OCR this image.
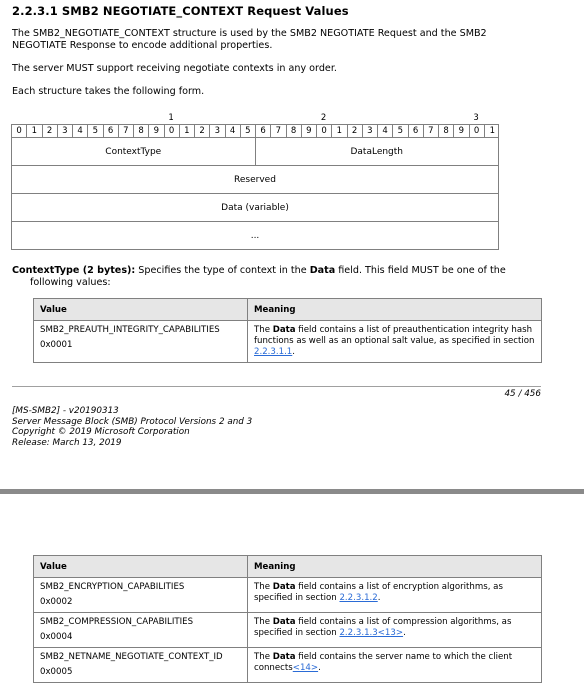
2.2.3.1 SMB2 NEGOTIATE_CONTEXT Request Values
The SMB2_NEGOTIATE_CONTEXT structure is used by the SMB2 NEGOTIATE Request and the SMB2
NEGOTIATE Response to encode additional properties.
The server MUST support receiving negotiate contexts in any order.
Each structure takes the following form.
1	2	3
0	1	2	3	4	5	6	7	8	9	0	1	2	3	4	5	6	7	8	9	0	1	2	3	4	5	6	7	8	9	0	1
ContextType	DataLength
Reserved
Data (variable)
...
ContextType (2 bytes): Specifies the type of context in the Data field. This field MUST be one of the
following values:
Value	Meaning
SMB2_PREAUTH_INTEGRITY_CAPABILITIES
0x0001	The Data field contains a list of preauthentication integrity hash functions as well as an optional salt value, as specified in section 2.2.3.1.1.
45 / 456
[MS-SMB2] - v20190313
Server Message Block (SMB) Protocol Versions 2 and 3
Copyright © 2019 Microsoft Corporation
Release: March 13, 2019
Value	Meaning
SMB2_ENCRYPTION_CAPABILITIES
0x0002	The Data field contains a list of encryption algorithms, as specified in section 2.2.3.1.2.
SMB2_COMPRESSION_CAPABILITIES
0x0004	The Data field contains a list of compression algorithms, as specified in section 2.2.3.1.3<13>.
SMB2_NETNAME_NEGOTIATE_CONTEXT_ID
0x0005	The Data field contains the server name to which the client connects<14>.
